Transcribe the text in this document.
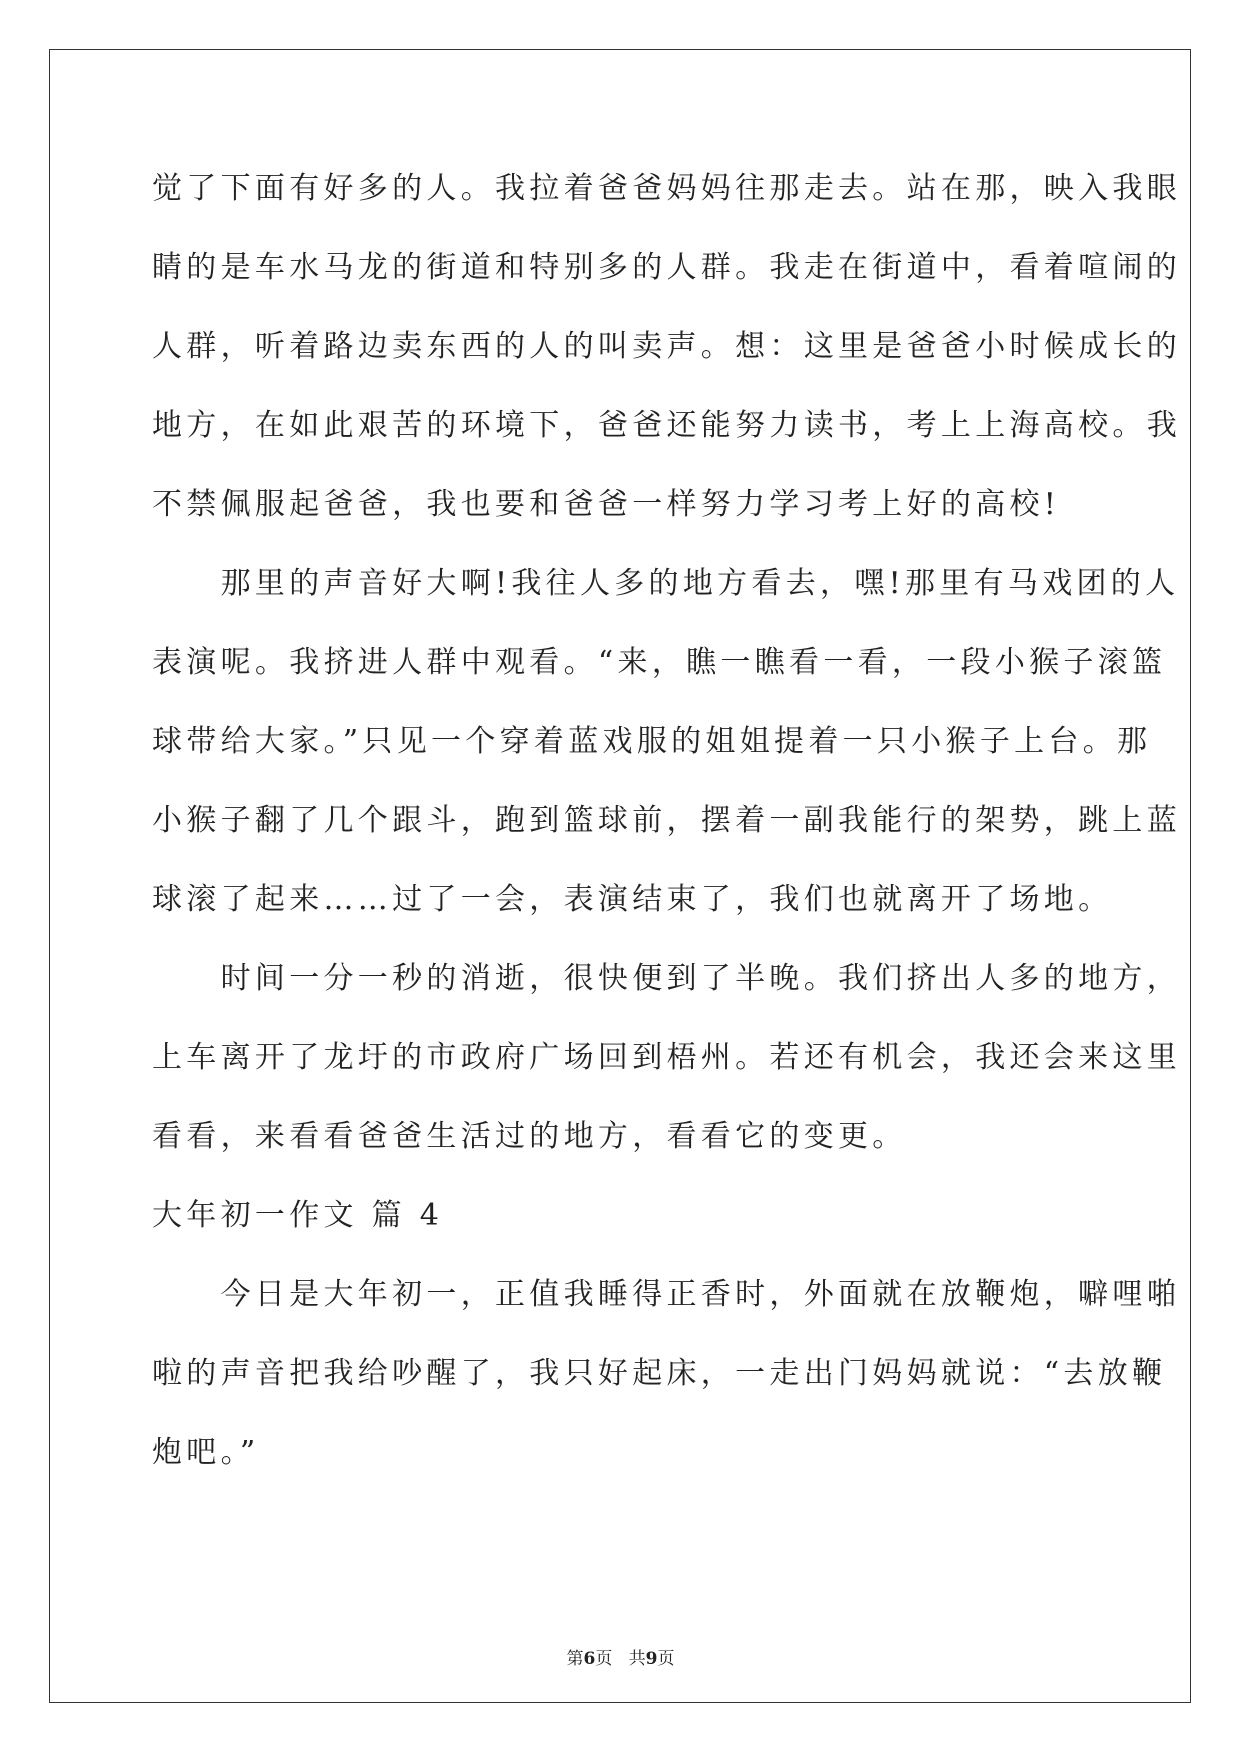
觉了下面有好多的人。我拉着爸爸妈妈往那走去。站在那，映入我眼
睛的是车水马龙的街道和特别多的人群。我走在街道中，看着喧闹的
人群，听着路边卖东西的人的叫卖声。想：这里是爸爸小时候成长的
地方，在如此艰苦的环境下，爸爸还能努力读书，考上上海高校。我
不禁佩服起爸爸，我也要和爸爸一样努力学习考上好的高校!
　　那里的声音好大啊!我往人多的地方看去，嘿!那里有马戏团的人
表演呢。我挤进人群中观看。“来，瞧一瞧看一看，一段小猴子滚篮
球带给大家。”只见一个穿着蓝戏服的姐姐提着一只小猴子上台。那
小猴子翻了几个跟斗，跑到篮球前，摆着一副我能行的架势，跳上蓝
球滚了起来……过了一会，表演结束了，我们也就离开了场地。
　　时间一分一秒的消逝，很快便到了半晚。我们挤出人多的地方，
上车离开了龙圩的市政府广场回到梧州。若还有机会，我还会来这里
看看，来看看爸爸生活过的地方，看看它的变更。
大年初一作文 篇 4
　　今日是大年初一，正值我睡得正香时，外面就在放鞭炮，噼哩啪
啦的声音把我给吵醒了，我只好起床，一走出门妈妈就说：“去放鞭
炮吧。”
第6页   共9页
